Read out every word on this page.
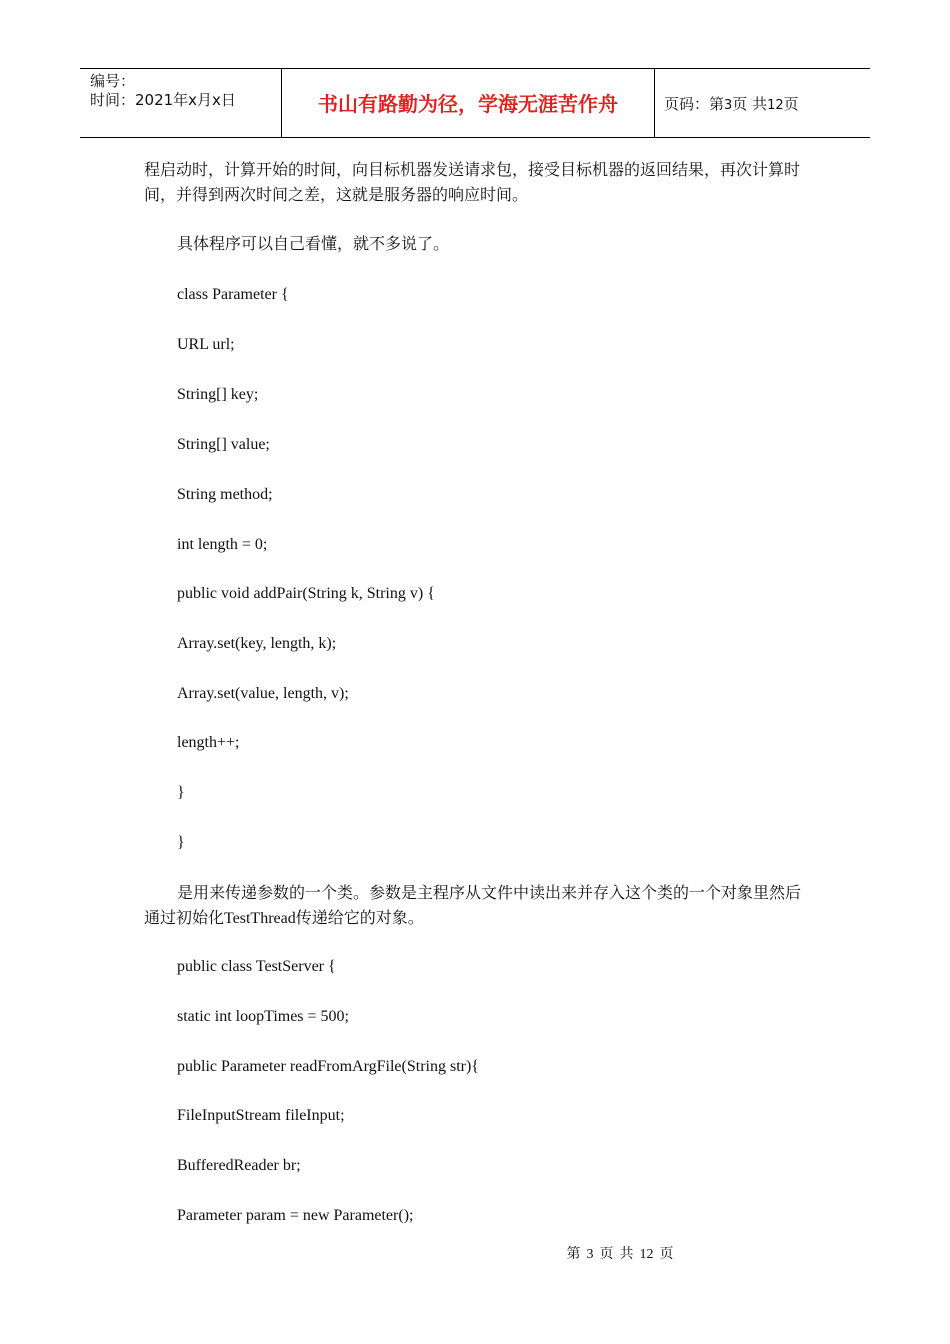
编号：
时间：2021年x月x日	书山有路勤为径，学海无涯苦作舟	页码：第3页 共12页

程启动时，计算开始的时间，向目标机器发送请求包，接受目标机器的返回结果，再次计算时间，并得到两次时间之差，这就是服务器的响应时间。

具体程序可以自己看懂，就不多说了。
class Parameter {
URL url;
String[] key;
String[] value;
String method;
int length = 0;
public void addPair(String k, String v) {
Array.set(key, length, k);
Array.set(value, length, v);
length++;
}
}

是用来传递参数的一个类。参数是主程序从文件中读出来并存入这个类的一个对象里然后通过初始化TestThread传递给它的对象。

public class TestServer {
static int loopTimes = 500;
public Parameter readFromArgFile(String str){
FileInputStream fileInput;
BufferedReader br;
Parameter param = new Parameter();
第 3 页 共 12 页
